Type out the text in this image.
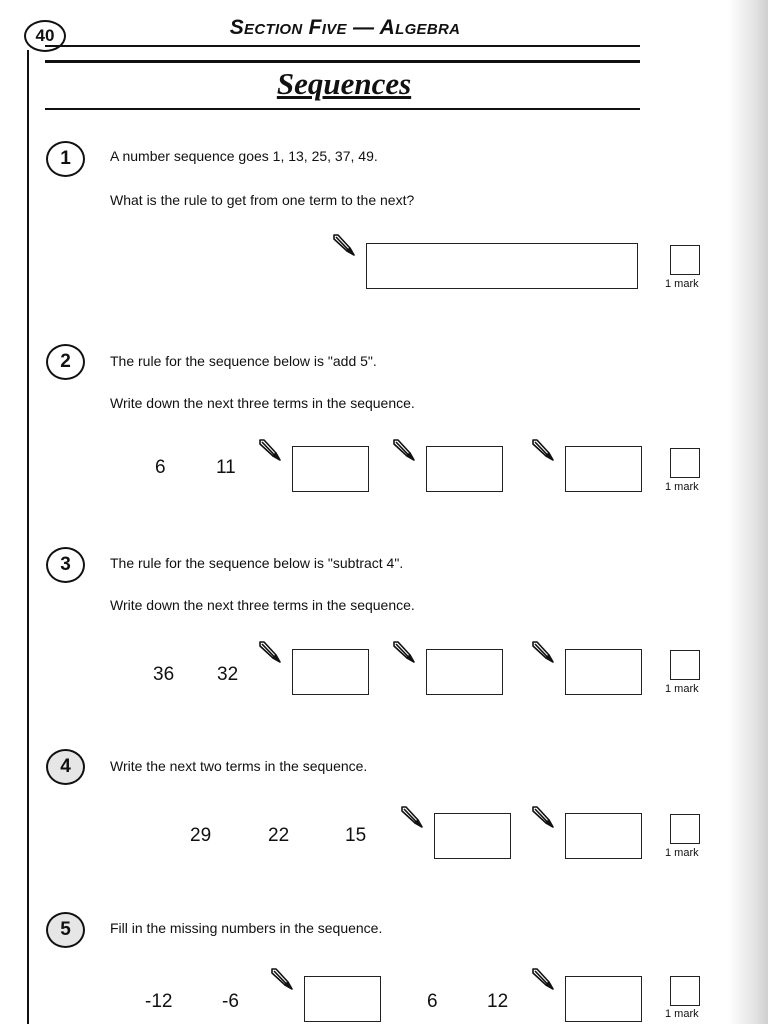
40	Section Five — Algebra
Sequences
1	A number sequence goes 1, 13, 25, 37, 49.
What is the rule to get from one term to the next?
1 mark
2	The rule for the sequence below is "add 5".
Write down the next three terms in the sequence.
6	11
1 mark
3	The rule for the sequence below is "subtract 4".
Write down the next three terms in the sequence.
36 32
1 mark
4	Write the next two terms in the sequence.
29	22	15
1 mark
5	Fill in the missing numbers in the sequence.
-12	-6	6	12
1 mark
